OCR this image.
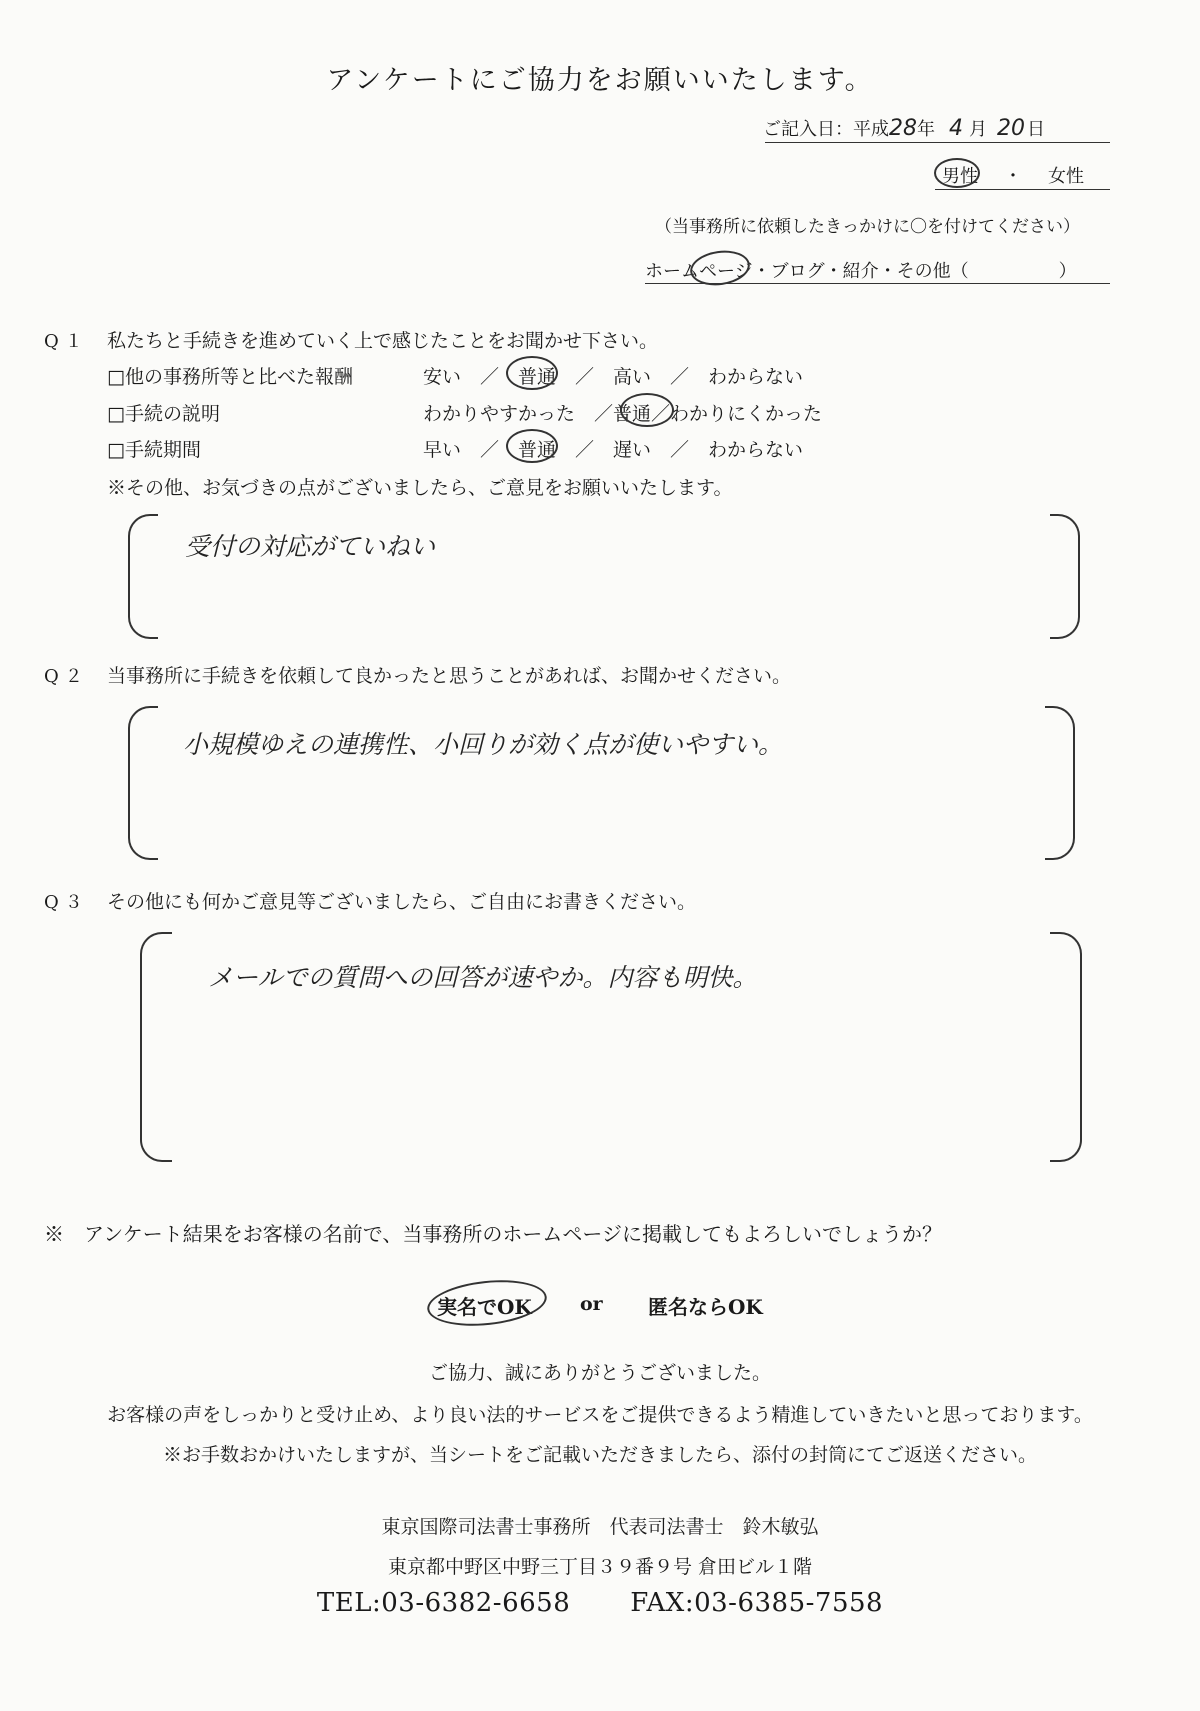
アンケートにご協力をお願いいたします。
ご記入日：平成28年 4 月 20 日
男性 ・ 女性
（当事務所に依頼したきっかけに〇を付けてください）
ホームページ・ブログ・紹介・その他（　　　　　）
Q１ 私たちと手続きを進めていく上で感じたことをお聞かせ下さい。
□他の事務所等と比べた報酬	安い　／　普通　／　高い　／　わからない
□手続の説明	わかりやすかった　／普通／わかりにくかった
□手続期間	早い　／　普通　／　遅い　／　わからない
※その他、お気づきの点がございましたら、ご意見をお願いいたします。
受付の対応がていねい
Q２ 当事務所に手続きを依頼して良かったと思うことがあれば、お聞かせください。
小規模ゆえの連携性、小回りが効く点が使いやすい。
Q３ その他にも何かご意見等ございましたら、ご自由にお書きください。
メールでの質問への回答が速やか。内容も明快。
※　アンケート結果をお客様の名前で、当事務所のホームページに掲載してもよろしいでしょうか？
実名でOK	or 匿名ならOK
ご協力、誠にありがとうございました。
お客様の声をしっかりと受け止め、より良い法的サービスをご提供できるよう精進していきたいと思っております。
※お手数おかけいたしますが、当シートをご記載いただきましたら、添付の封筒にてご返送ください。
東京国際司法書士事務所　代表司法書士　鈴木敏弘
東京都中野区中野三丁目３９番９号 倉田ビル１階
TEL:03-6382-6658 FAX:03-6385-7558
